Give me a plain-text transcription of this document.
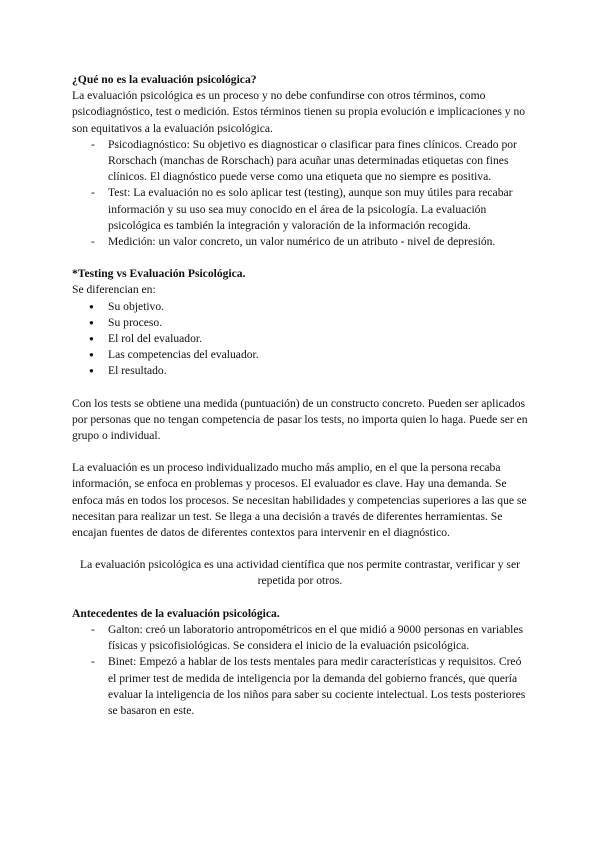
¿Qué no es la evaluación psicológica?

La evaluación psicológica es un proceso y no debe confundirse con otros términos, como psicodiagnóstico, test o medición. Estos términos tienen su propia evolución e implicaciones y no son equitativos a la evaluación psicológica.

- Psicodiagnóstico: Su objetivo es diagnosticar o clasificar para fines clínicos. Creado por Rorschach (manchas de Rorschach) para acuñar unas determinadas etiquetas con fines clínicos. El diagnóstico puede verse como una etiqueta que no siempre es positiva.
- Test: La evaluación no es solo aplicar test (testing), aunque son muy útiles para recabar información y su uso sea muy conocido en el área de la psicología. La evaluación psicológica es también la integración y valoración de la información recogida.
- Medición: un valor concreto, un valor numérico de un atributo - nivel de depresión.

*Testing vs Evaluación Psicológica.

Se diferencian en:

● Su objetivo.
● Su proceso.
● El rol del evaluador.
● Las competencias del evaluador.
● El resultado.

Con los tests se obtiene una medida (puntuación) de un constructo concreto. Pueden ser aplicados por personas que no tengan competencia de pasar los tests, no importa quien lo haga. Puede ser en grupo o individual.

La evaluación es un proceso individualizado mucho más amplio, en el que la persona recaba información, se enfoca en problemas y procesos. El evaluador es clave. Hay una demanda. Se enfoca más en todos los procesos. Se necesitan habilidades y competencias superiores a las que se necesitan para realizar un test. Se llega a una decisión a través de diferentes herramientas. Se encajan fuentes de datos de diferentes contextos para intervenir en el diagnóstico.

La evaluación psicológica es una actividad científica que nos permite contrastar, verificar y ser repetida por otros.

Antecedentes de la evaluación psicológica.

- Galton: creó un laboratorio antropométricos en el que midió a 9000 personas en variables físicas y psicofisiológicas. Se considera el inicio de la evaluación psicológica.
- Binet: Empezó a hablar de los tests mentales para medir características y requisitos. Creó el primer test de medida de inteligencia por la demanda del gobierno francés, que quería evaluar la inteligencia de los niños para saber su cociente intelectual. Los tests posteriores se basaron en este.
